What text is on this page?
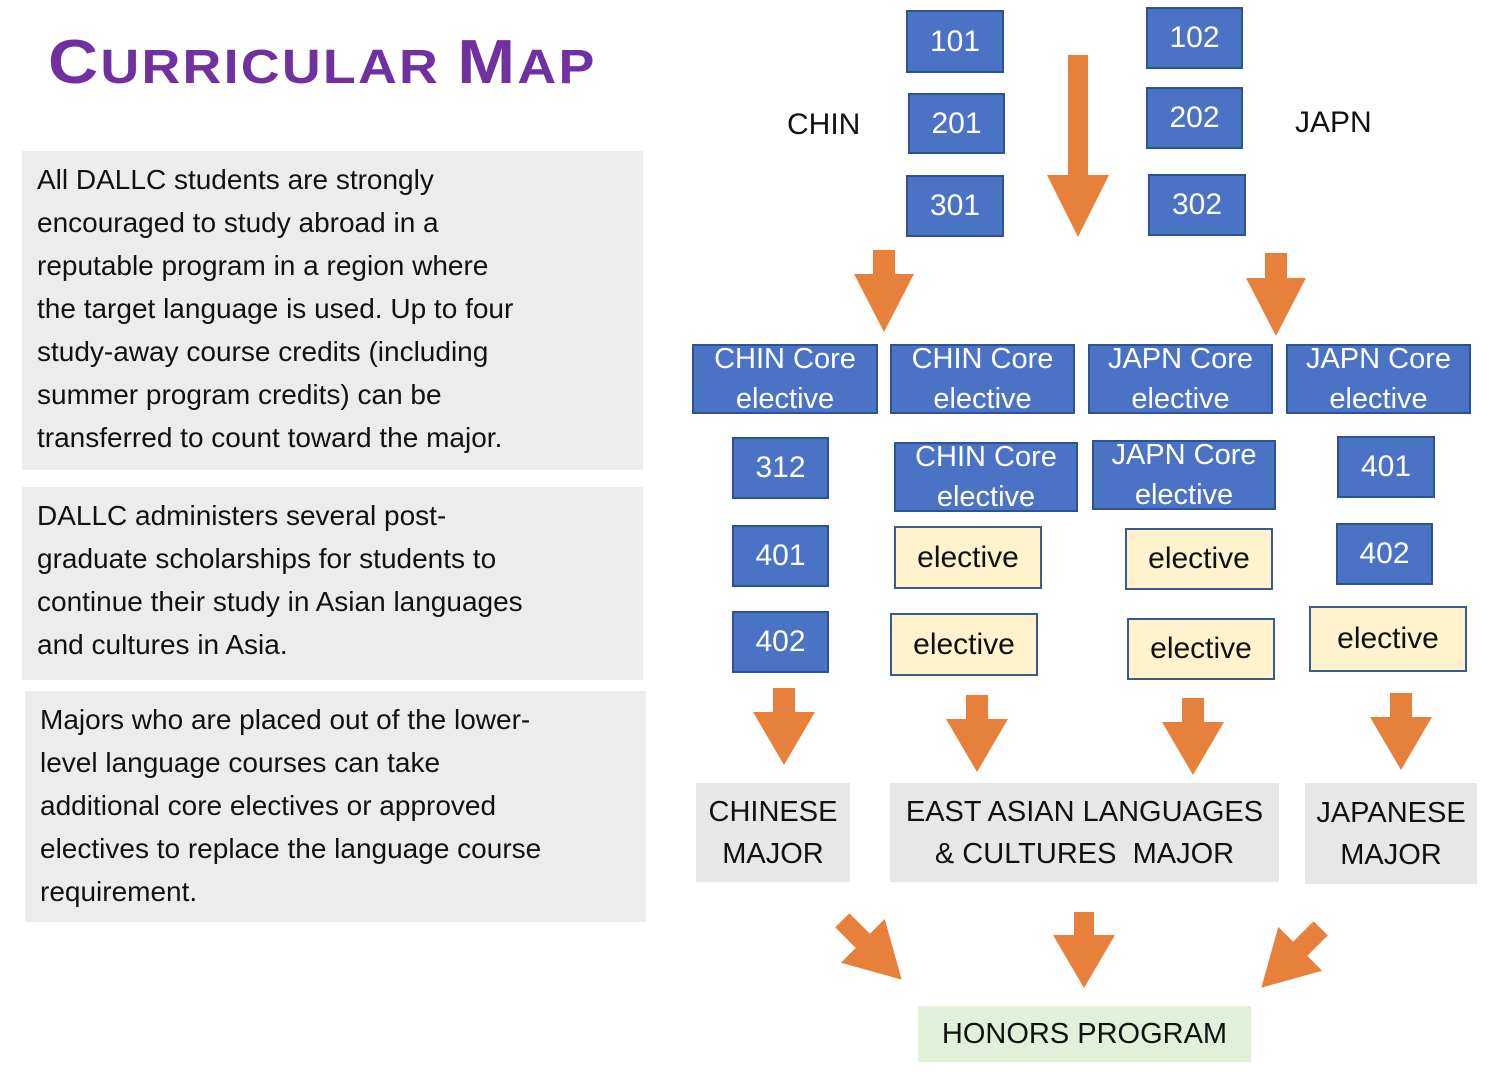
CURRICULAR MAP
All DALLC students are strongly
encouraged to study abroad in a
reputable program in a region where
the target language is used. Up to four
study-away course credits (including
summer program credits) can be
transferred to count toward the major.
DALLC administers several post-
graduate scholarships for students to
continue their study in Asian languages
and cultures in Asia.
Majors who are placed out of the lower-
level language courses can take
additional core electives or approved
electives to replace the language course
requirement.
CHIN	JAPN
101
201
301
102
202
302
CHIN Core elective
CHIN Core elective
JAPN Core elective
JAPN Core elective
312
401
402
CHIN Core elective
elective
elective
JAPN Core elective
elective
elective
401
402
elective
CHINESE
MAJOR
EAST ASIAN LANGUAGES
& CULTURES  MAJOR
JAPANESE
MAJOR
HONORS PROGRAM
